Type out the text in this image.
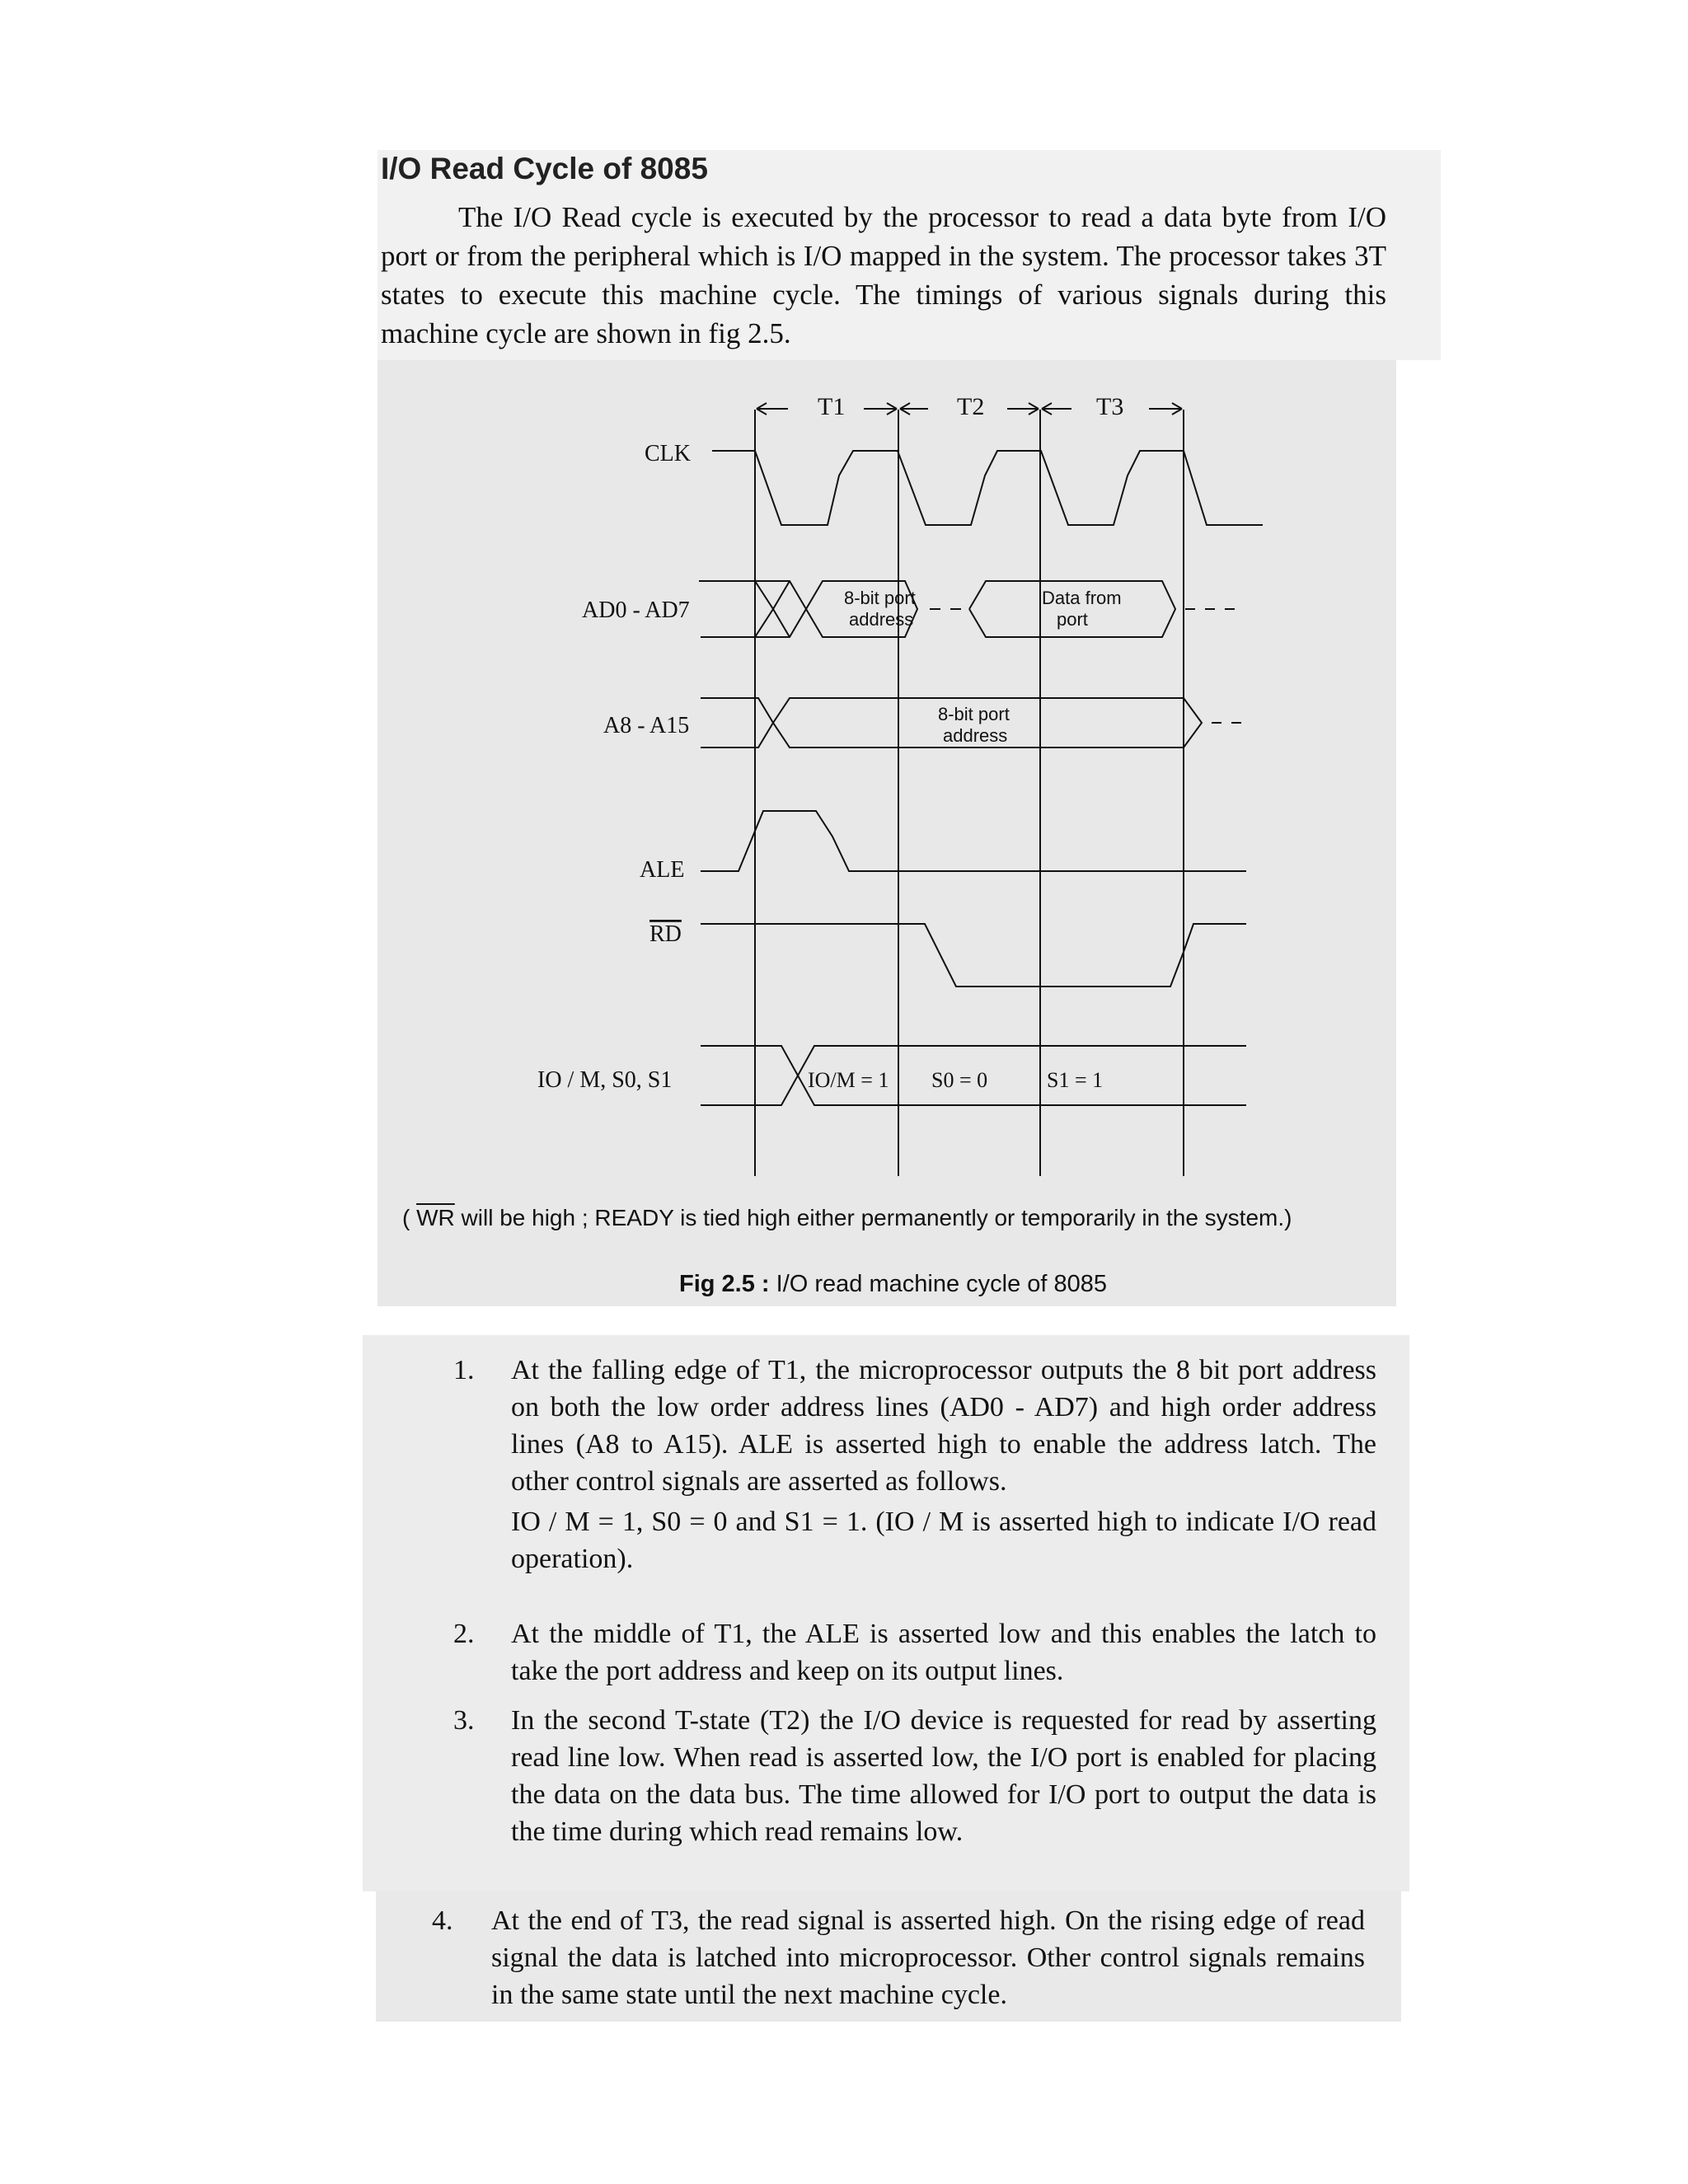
I/O Read Cycle of 8085

The I/O Read cycle is executed by the processor to read a data byte from I/O port or from the peripheral which is I/O mapped in the system. The processor takes 3T states to execute this machine cycle. The timings of various signals during this machine cycle are shown in fig 2.5.

T1	T2	T3
CLK
AD0 - AD7
A8 - A15
ALE
RD
IO / M, S0, S1
8-bit port
address
Data from
port
8-bit port
address
IO/M = 1 S0 = 0	S1 = 1

( $\overline{WR}$ will be high ; READY is tied high either permanently or temporarily in the system.)

Fig 2.5 : I/O read machine cycle of 8085

1. At the falling edge of T1, the microprocessor outputs the 8 bit port address on both the low order address lines (AD0 - AD7) and high order address lines (A8 to A15). ALE is asserted high to enable the address latch. The other control signals are asserted as follows.

IO / M = 1, S0 = 0 and S1 = 1. (IO / M is asserted high to indicate I/O read operation).

2. At the middle of T1, the ALE is asserted low and this enables the latch to take the port address and keep on its output lines.

3. In the second T-state (T2) the I/O device is requested for read by asserting read line low. When read is asserted low, the I/O port is enabled for placing the data on the data bus. The time allowed for I/O port to output the data is the time during which read remains low.

4. At the end of T3, the read signal is asserted high. On the rising edge of read signal the data is latched into microprocessor. Other control signals remains in the same state until the next machine cycle.
